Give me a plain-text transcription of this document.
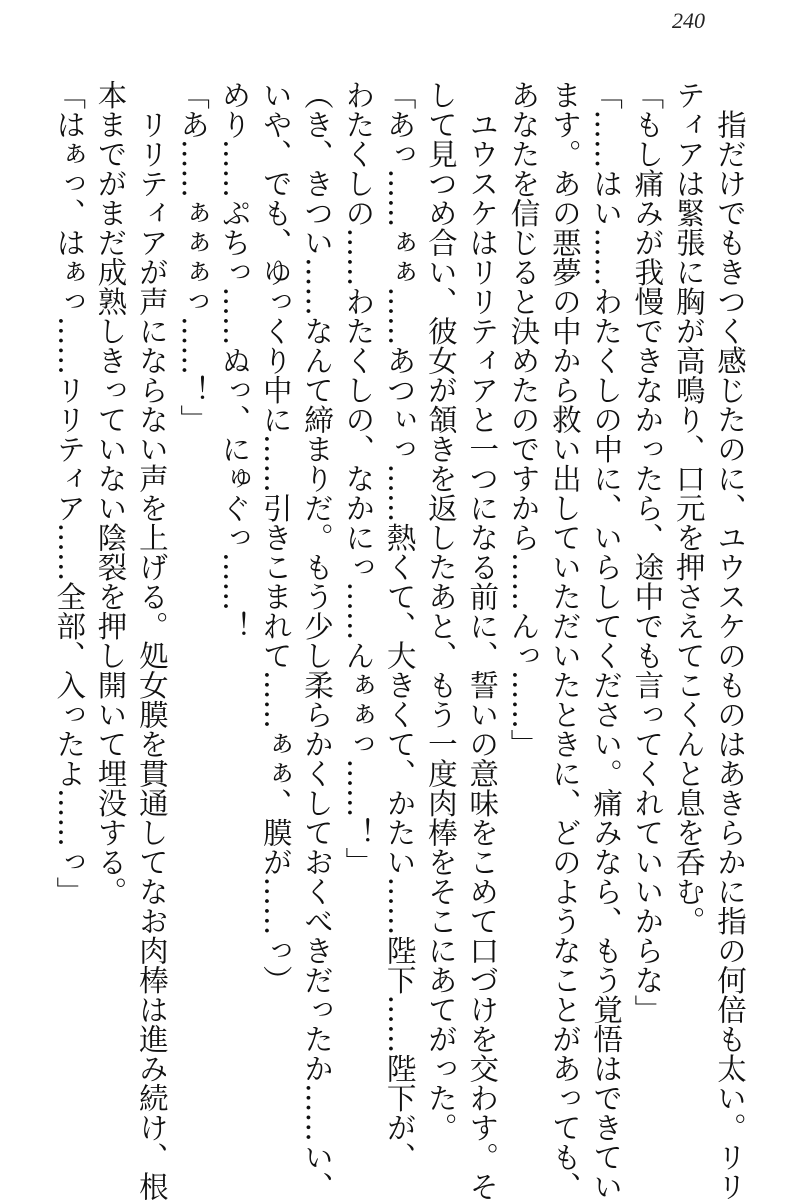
240
　指だけでもきつく感じたのに、ユウスケのものはあきらかに指の何倍も太い。リリ
ティアは緊張に胸が高鳴り、口元を押さえてこくんと息を呑む。
「もし痛みが我慢できなかったら、途中でも言ってくれていいからな」
「……はい……わたくしの中に、いらしてください。痛みなら、もう覚悟はできてい
ます。あの悪夢の中から救い出していただいたときに、どのようなことがあっても、
あなたを信じると決めたのですから……んっ……」
　ユウスケはリリティアと一つになる前に、誓いの意味をこめて口づけを交わす。そ
して見つめ合い、彼女が頷きを返したあと、もう一度肉棒をそこにあてがった。
「あっ……ぁぁ……あつぃっ……熱くて、大きくて、かたい……陛下……陛下が、
わたくしの……わたくしの、なかにっ……んぁぁっ……！」
（き、きつい……なんて締まりだ。もう少し柔らかくしておくべきだったか……い、
いや、でも、ゆっくり中に……引きこまれて……ぁぁ、膜が……っ）
めり……ぷちっ……ぬっ、にゅぐっ……！
「あ……ぁぁぁっ……！」
　リリティアが声にならない声を上げる。処女膜を貫通してなお肉棒は進み続け、根
本までがまだ成熟しきっていない陰裂を押し開いて埋没する。
「はぁっ、はぁっ……リリティア……全部、入ったよ……っ」
